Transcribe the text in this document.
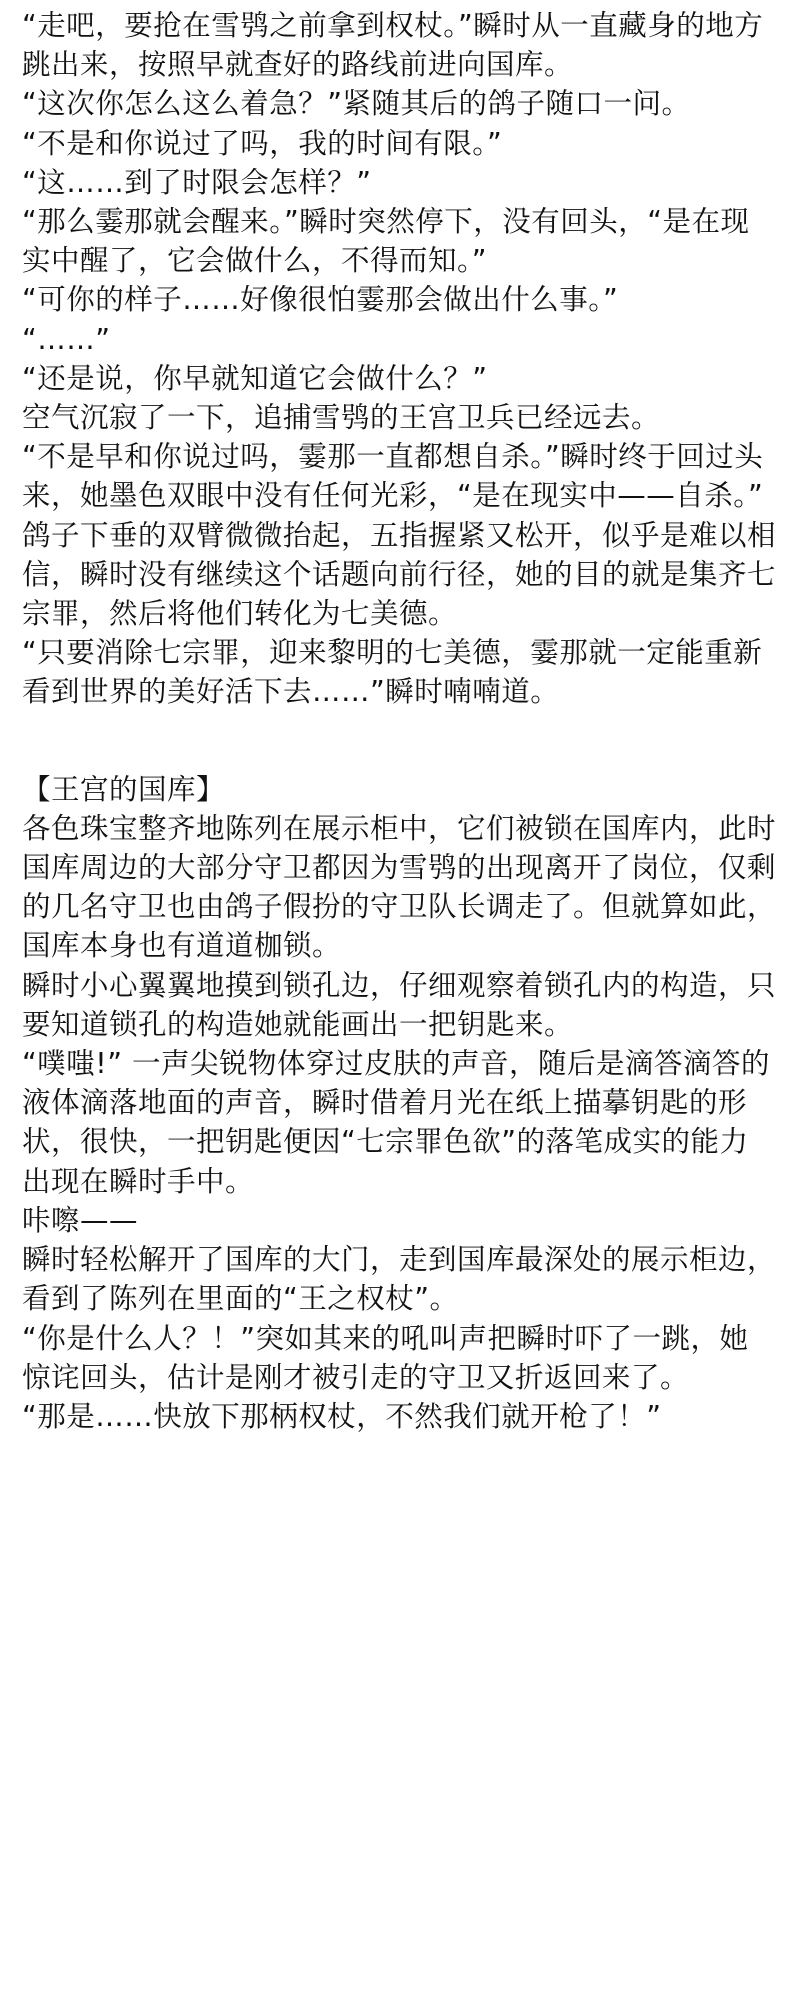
“走吧，要抢在雪鸮之前拿到权杖。”瞬时从一直藏身的地方跳出来，按照早就查好的路线前进向国库。

“这次你怎么这么着急？”紧随其后的鸽子随口一问。

“不是和你说过了吗，我的时间有限。”

“这……到了时限会怎样？”

“那么霎那就会醒来。”瞬时突然停下，没有回头，“是在现实中醒了，它会做什么，不得而知。”

“可你的样子……好像很怕霎那会做出什么事。”

“……”

“还是说，你早就知道它会做什么？”

空气沉寂了一下，追捕雪鸮的王宫卫兵已经远去。

“不是早和你说过吗，霎那一直都想自杀。”瞬时终于回过头来，她墨色双眼中没有任何光彩，“是在现实中——自杀。”

鸽子下垂的双臂微微抬起，五指握紧又松开，似乎是难以相信，瞬时没有继续这个话题向前行径，她的目的就是集齐七宗罪，然后将他们转化为七美德。

“只要消除七宗罪，迎来黎明的七美德，霎那就一定能重新看到世界的美好活下去……”瞬时喃喃道。

【王宫的国库】

各色珠宝整齐地陈列在展示柜中，它们被锁在国库内，此时国库周边的大部分守卫都因为雪鸮的出现离开了岗位，仅剩的几名守卫也由鸽子假扮的守卫队长调走了。但就算如此，国库本身也有道道枷锁。

瞬时小心翼翼地摸到锁孔边，仔细观察着锁孔内的构造，只要知道锁孔的构造她就能画出一把钥匙来。

“噗嗤!” 一声尖锐物体穿过皮肤的声音，随后是滴答滴答的液体滴落地面的声音，瞬时借着月光在纸上描摹钥匙的形状，很快，一把钥匙便因“七宗罪色欲”的落笔成实的能力出现在瞬时手中。

咔嚓——

瞬时轻松解开了国库的大门，走到国库最深处的展示柜边，看到了陈列在里面的“王之权杖”。

“你是什么人？！”突如其来的吼叫声把瞬时吓了一跳，她惊诧回头，估计是刚才被引走的守卫又折返回来了。

“那是……快放下那柄权杖，不然我们就开枪了！”
